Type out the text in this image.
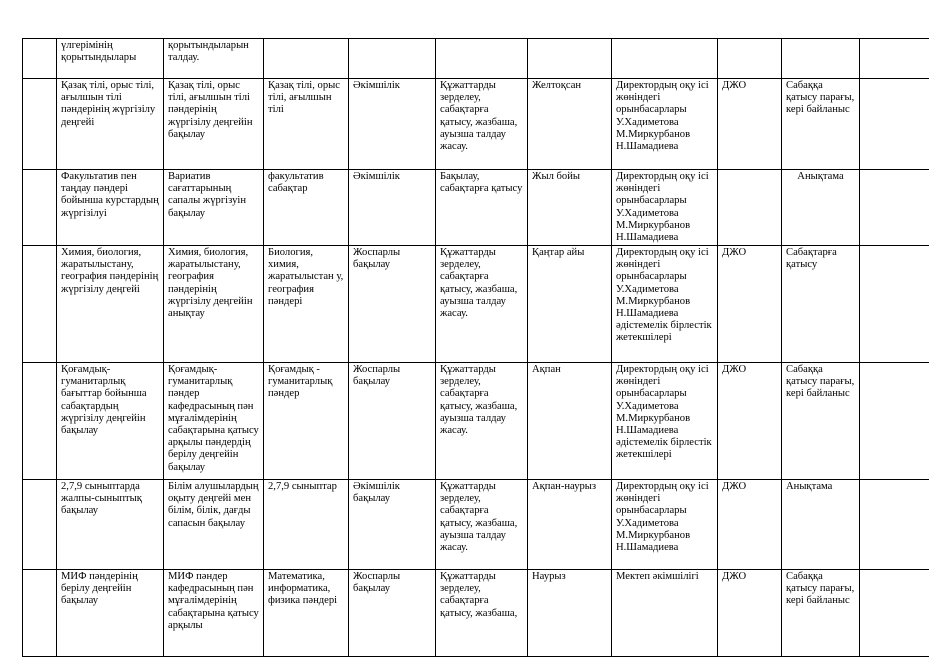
	үлгерімінің қорытындылары	қорытындыларын талдау.								
	Қазақ тілі, орыс тілі, ағылшын тілі пәндерінің жүргізілу деңгейі	Қазақ тілі, орыс тілі, ағылшын тілі пәндерінің жүргізілу деңгейін бақылау	Қазақ тілі, орыс тілі, ағылшын тілі	Әкімшілік	Құжаттарды зерделеу, сабақтарға қатысу, жазбаша, ауызша талдау жасау.	Желтоқсан	Директордың оқу ісі жөніндегі орынбасарлары У.Хадиметова М.Миркурбанов Н.Шамадиева	ДЖО	Сабаққа қатысу парағы, кері байланыс	
	Факультатив пен таңдау пәндері бойынша курстардың жүргізілуі	Вариатив сағаттарының сапалы жүргізуін бақылау	факультатив сабақтар	Әкімшілік	Бақылау, сабақтарға қатысу	Жыл бойы	Директордың оқу ісі жөніндегі орынбасарлары У.Хадиметова М.Миркурбанов Н.Шамадиева		Анықтама	
	Химия, биология, жаратылыстану, география пәндерінің жүргізілу деңгейі	Химия, биология, жаратылыстану, география пәндерінің жүргізілу деңгейін анықтау	Биология, химия, жаратылыстан у, география пәндері	Жоспарлы бақылау	Құжаттарды зерделеу, сабақтарға қатысу, жазбаша, ауызша талдау жасау.	Қаңтар айы	Директордың оқу ісі жөніндегі орынбасарлары У.Хадиметова М.Миркурбанов Н.Шамадиева әдістемелік бірлестік жетекшілері	ДЖО	Сабақтарға қатысу	
	Қоғамдық-гуманитарлық бағыттар бойынша сабақтардың жүргізілу деңгейін бақылау	Қоғамдық-гуманитарлық пәндер кафедрасының пән мұғалімдерінің сабақтарына қатысу арқылы пәндердің берілу деңгейін бақылау	Қоғамдық - гуманитарлық пәндер	Жоспарлы бақылау	Құжаттарды зерделеу, сабақтарға қатысу, жазбаша, ауызша талдау жасау.	Ақпан	Директордың оқу ісі жөніндегі орынбасарлары У.Хадиметова М.Миркурбанов Н.Шамадиева әдістемелік бірлестік жетекшілері	ДЖО	Сабаққа қатысу парағы, кері байланыс	
	2,7,9 сыныптарда жалпы-сыныптық бақылау	Білім алушылардың оқыту деңгейі мен білім, білік, дағды сапасын бақылау	2,7,9 сыныптар	Әкімшілік бақылау	Құжаттарды зерделеу, сабақтарға қатысу, жазбаша, ауызша талдау жасау.	Ақпан-наурыз	Директордың оқу ісі жөніндегі орынбасарлары У.Хадиметова М.Миркурбанов Н.Шамадиева	ДЖО	Анықтама	
	МИФ пәндерінің берілу деңгейін бақылау	МИФ пәндер кафедрасының пән мұғалімдерінің сабақтарына қатысу арқылы	Математика, информатика, физика пәндері	Жоспарлы бақылау	Құжаттарды зерделеу, сабақтарға қатысу, жазбаша,	Наурыз	Мектеп әкімшілігі	ДЖО	Сабаққа қатысу парағы, кері байланыс	
